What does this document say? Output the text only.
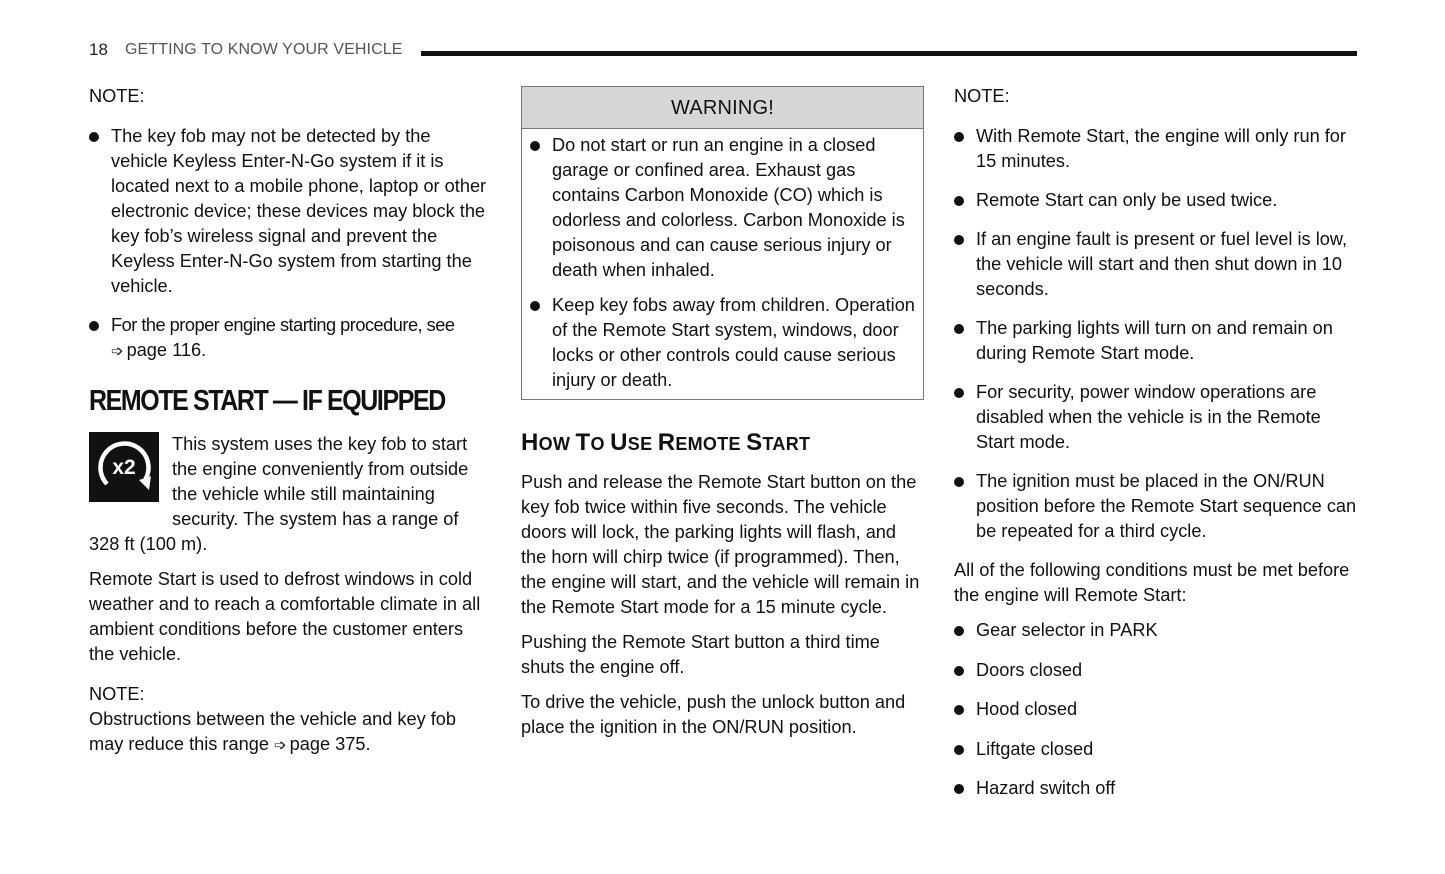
18 GETTING TO KNOW YOUR VEHICLE

NOTE:

The key fob may not be detected by the vehicle Keyless Enter-N-Go system if it is located next to a mobile phone, laptop or other electronic device; these devices may block the key fob’s wireless signal and prevent the Keyless Enter-N-Go system from starting the vehicle.
For the proper engine starting procedure, see
➩ page 116.

REMOTE START — IF EQUIPPED

x2

This system uses the key fob to start
the engine conveniently from outside
the vehicle while still maintaining
security. The system has a range of

328 ft (100 m).

Remote Start is used to defrost windows in cold weather and to reach a comfortable climate in all ambient conditions before the customer enters the vehicle.

NOTE:

Obstructions between the vehicle and key fob may reduce this range ➩ page 375.

WARNING!
Do not start or run an engine in a closed garage or confined area. Exhaust gas contains Carbon Monoxide (CO) which is odorless and colorless. Carbon Monoxide is poisonous and can cause serious injury or death when inhaled.
Keep key fobs away from children. Operation of the Remote Start system, windows, door locks or other controls could cause serious injury or death.

HOW TO USE REMOTE START

Push and release the Remote Start button on the key fob twice within five seconds. The vehicle doors will lock, the parking lights will flash, and the horn will chirp twice (if programmed). Then, the engine will start, and the vehicle will remain in the Remote Start mode for a 15 minute cycle.

Pushing the Remote Start button a third time shuts the engine off.

To drive the vehicle, push the unlock button and place the ignition in the ON/RUN position.

NOTE:

With Remote Start, the engine will only run for 15 minutes.
Remote Start can only be used twice.
If an engine fault is present or fuel level is low, the vehicle will start and then shut down in 10 seconds.
The parking lights will turn on and remain on during Remote Start mode.
For security, power window operations are disabled when the vehicle is in the Remote Start mode.
The ignition must be placed in the ON/RUN position before the Remote Start sequence can be repeated for a third cycle.

All of the following conditions must be met before the engine will Remote Start:

Gear selector in PARK
Doors closed
Hood closed
Liftgate closed
Hazard switch off
